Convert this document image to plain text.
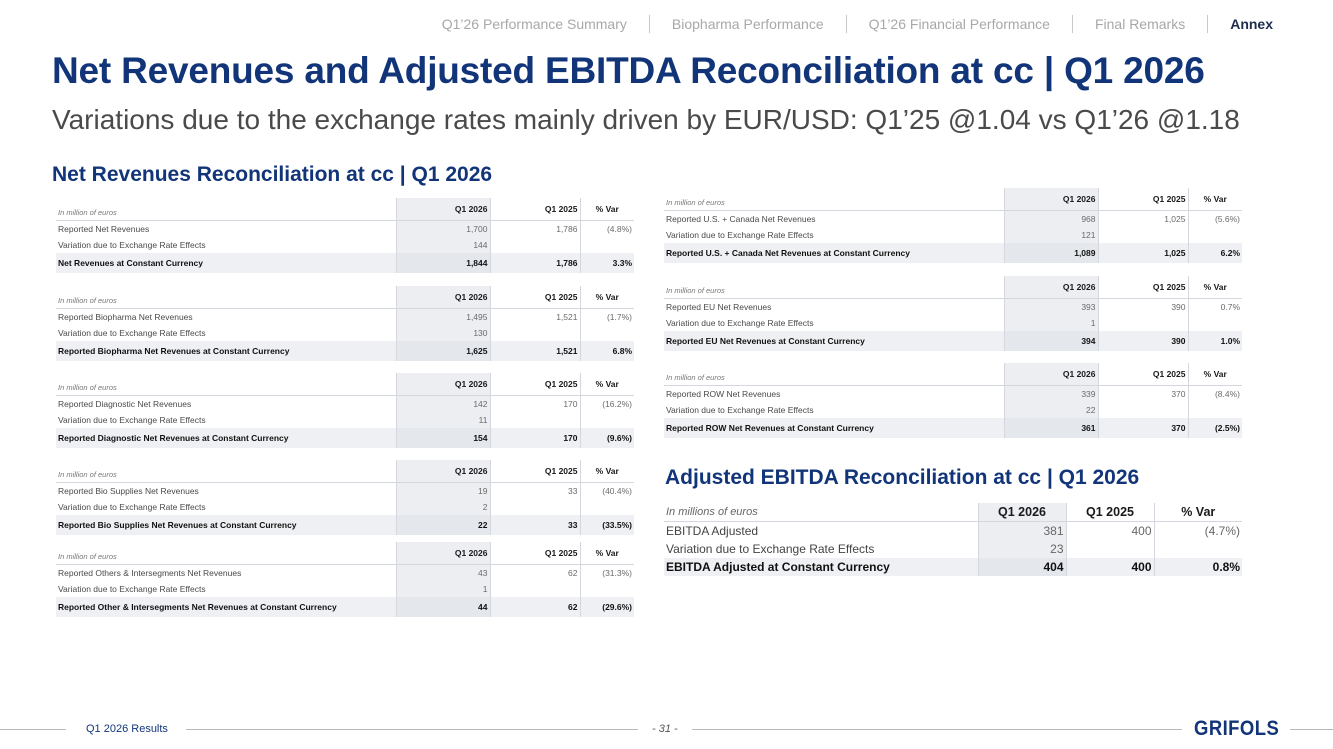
Q1’26 Performance Summary	Biopharma Performance	Q1’26 Financial Performance	Final Remarks	Annex
Net Revenues and Adjusted EBITDA Reconciliation at cc | Q1 2026
Variations due to the exchange rates mainly driven by EUR/USD: Q1’25 @1.04 vs Q1’26 @1.18
Net Revenues Reconciliation at cc | Q1 2026
In million of euros	Q1 2026	Q1 2025	% Var
Reported Net Revenues	1,700	1,786	(4.8%)
Variation due to Exchange Rate Effects	144		
Net Revenues at Constant Currency	1,844	1,786	3.3%
In million of euros	Q1 2026	Q1 2025	% Var
Reported Biopharma Net Revenues	1,495	1,521	(1.7%)
Variation due to Exchange Rate Effects	130		
Reported Biopharma Net Revenues at Constant Currency	1,625	1,521	6.8%
In million of euros	Q1 2026	Q1 2025	% Var
Reported Diagnostic Net Revenues	142	170	(16.2%)
Variation due to Exchange Rate Effects	11		
Reported Diagnostic Net Revenues at Constant Currency	154	170	(9.6%)
In million of euros	Q1 2026	Q1 2025	% Var
Reported Bio Supplies Net Revenues	19	33	(40.4%)
Variation due to Exchange Rate Effects	2		
Reported Bio Supplies Net Revenues at Constant Currency	22	33	(33.5%)
In million of euros	Q1 2026	Q1 2025	% Var
Reported Others & Intersegments Net Revenues	43	62	(31.3%)
Variation due to Exchange Rate Effects	1		
Reported Other & Intersegments Net Revenues at Constant Currency	44	62	(29.6%)
In million of euros	Q1 2026	Q1 2025	% Var
Reported U.S. + Canada Net Revenues	968	1,025	(5.6%)
Variation due to Exchange Rate Effects	121		
Reported U.S. + Canada Net Revenues at Constant Currency	1,089	1,025	6.2%
In million of euros	Q1 2026	Q1 2025	% Var
Reported EU Net Revenues	393	390	0.7%
Variation due to Exchange Rate Effects	1		
Reported EU Net Revenues at Constant Currency	394	390	1.0%
In million of euros	Q1 2026	Q1 2025	% Var
Reported ROW Net Revenues	339	370	(8.4%)
Variation due to Exchange Rate Effects	22		
Reported ROW Net Revenues at Constant Currency	361	370	(2.5%)
Adjusted EBITDA Reconciliation at cc | Q1 2026
In millions of euros	Q1 2026	Q1 2025	% Var
EBITDA Adjusted	381	400	(4.7%)
Variation due to Exchange Rate Effects	23		
EBITDA Adjusted at Constant Currency	404	400	0.8%
Q1 2026 Results	- 31 -	GRIFOLS
